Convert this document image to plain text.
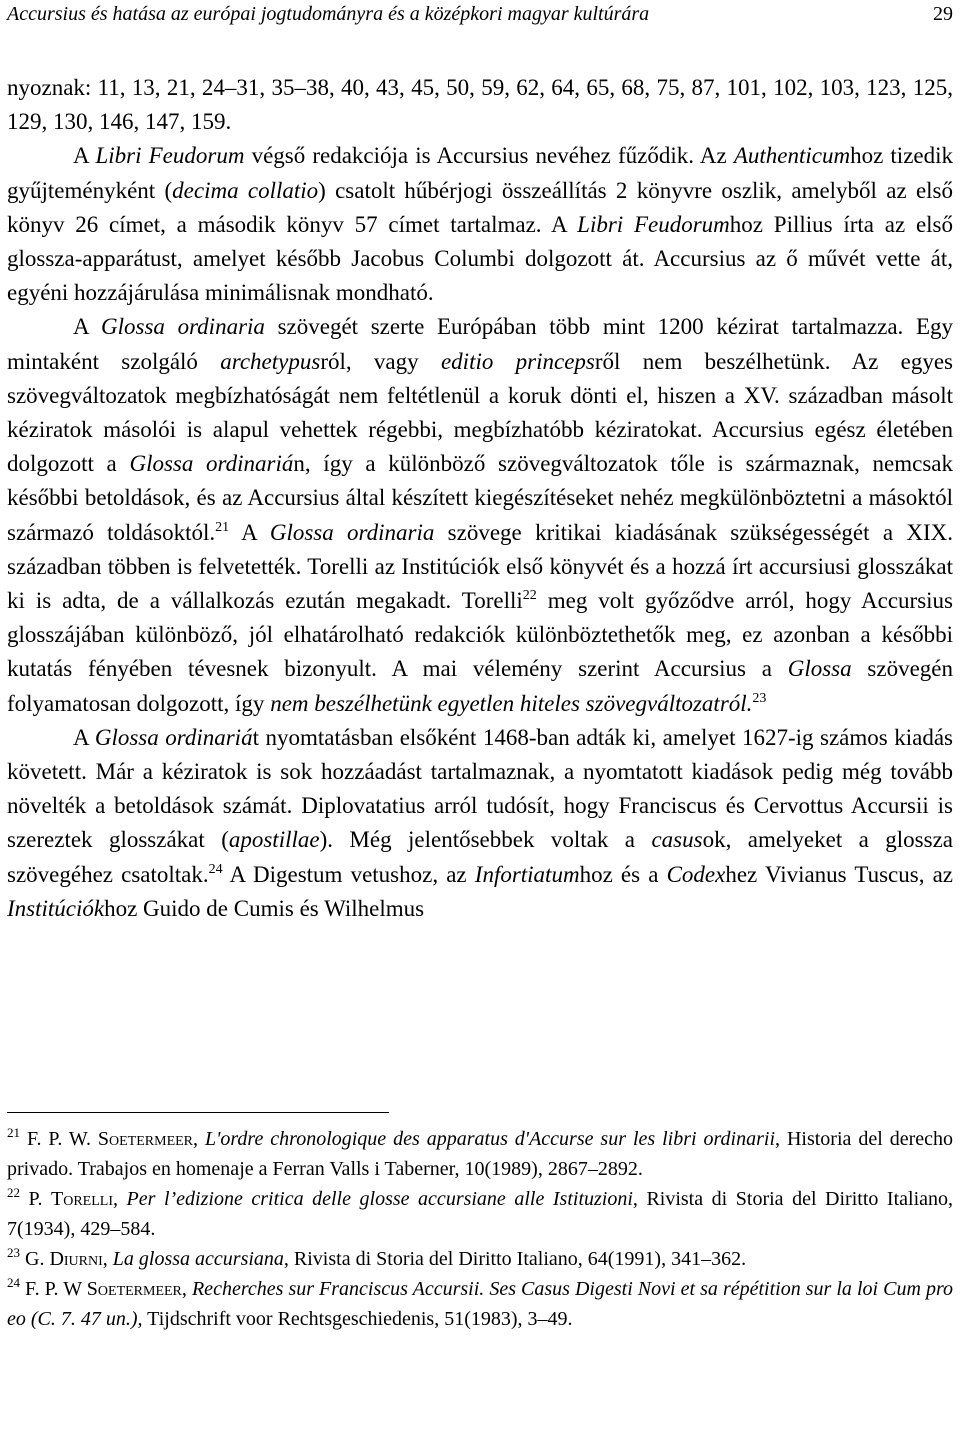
Accursius és hatása az európai jogtudományra és a középkori magyar kultúrára	29

nyoznak: 11, 13, 21, 24–31, 35–38, 40, 43, 45, 50, 59, 62, 64, 65, 68, 75, 87, 101, 102, 103, 123, 125, 129, 130, 146, 147, 159.

A Libri Feudorum végső redakciója is Accursius nevéhez fűződik. Az Authenticumhoz tizedik gyűjteményként (decima collatio) csatolt hűbérjogi összeállítás 2 könyvre oszlik, amelyből az első könyv 26 címet, a második könyv 57 címet tartalmaz. A Libri Feudorumhoz Pillius írta az első glossza-apparátust, amelyet később Jacobus Columbi dolgozott át. Accursius az ő művét vette át, egyéni hozzájárulása minimálisnak mondható.

A Glossa ordinaria szövegét szerte Európában több mint 1200 kézirat tartalmazza. Egy mintaként szolgáló archetypusról, vagy editio princepsről nem beszélhetünk. Az egyes szövegváltozatok megbízhatóságát nem feltétlenül a koruk dönti el, hiszen a XV. században másolt kéziratok másolói is alapul vehettek régebbi, megbízhatóbb kéziratokat. Accursius egész életében dolgozott a Glossa ordinarián, így a különböző szövegváltozatok tőle is származnak, nemcsak későbbi betoldások, és az Accursius által készített kiegészítéseket nehéz megkülönböztetni a másoktól származó toldásoktól.$^{21}$ A Glossa ordinaria szövege kritikai kiadásának szükségességét a XIX. században többen is felvetették. Torelli az Institúciók első könyvét és a hozzá írt accursiusi glosszákat ki is adta, de a vállalkozás ezután megakadt. Torelli$^{22}$ meg volt győződve arról, hogy Accursius glosszájában különböző, jól elhatárolható redakciók különböztethetők meg, ez azonban a későbbi kutatás fényében tévesnek bizonyult. A mai vélemény szerint Accursius a Glossa szövegén folyamatosan dolgozott, így nem beszélhetünk egyetlen hiteles szövegváltozatról.$^{23}$

A Glossa ordinariát nyomtatásban elsőként 1468-ban adták ki, amelyet 1627-ig számos kiadás követett. Már a kéziratok is sok hozzáadást tartalmaznak, a nyomtatott kiadások pedig még tovább növelték a betoldások számát. Diplovatatius arról tudósít, hogy Franciscus és Cervottus Accursii is szereztek glosszákat (apostillae). Még jelentősebbek voltak a casusok, amelyeket a glossza szövegéhez csatoltak.$^{24}$ A Digestum vetushoz, az Infortiatumhoz és a Codexhez Vivianus Tuscus, az Institúciókhoz Guido de Cumis és Wilhelmus

$^{21}$ F. P. W. Soetermeer, L'ordre chronologique des apparatus d'Accurse sur les libri ordinarii, Historia del derecho privado. Trabajos en homenaje a Ferran Valls i Taberner, 10(1989), 2867–2892.

$^{22}$ P. Torelli, Per l’edizione critica delle glosse accursiane alle Istituzioni, Rivista di Storia del Diritto Italiano, 7(1934), 429–584.

$^{23}$ G. Diurni, La glossa accursiana, Rivista di Storia del Diritto Italiano, 64(1991), 341–362.

$^{24}$ F. P. W Soetermeer, Recherches sur Franciscus Accursii. Ses Casus Digesti Novi et sa répétition sur la loi Cum pro eo (C. 7. 47 un.), Tijdschrift voor Rechtsgeschiedenis, 51(1983), 3–49.
